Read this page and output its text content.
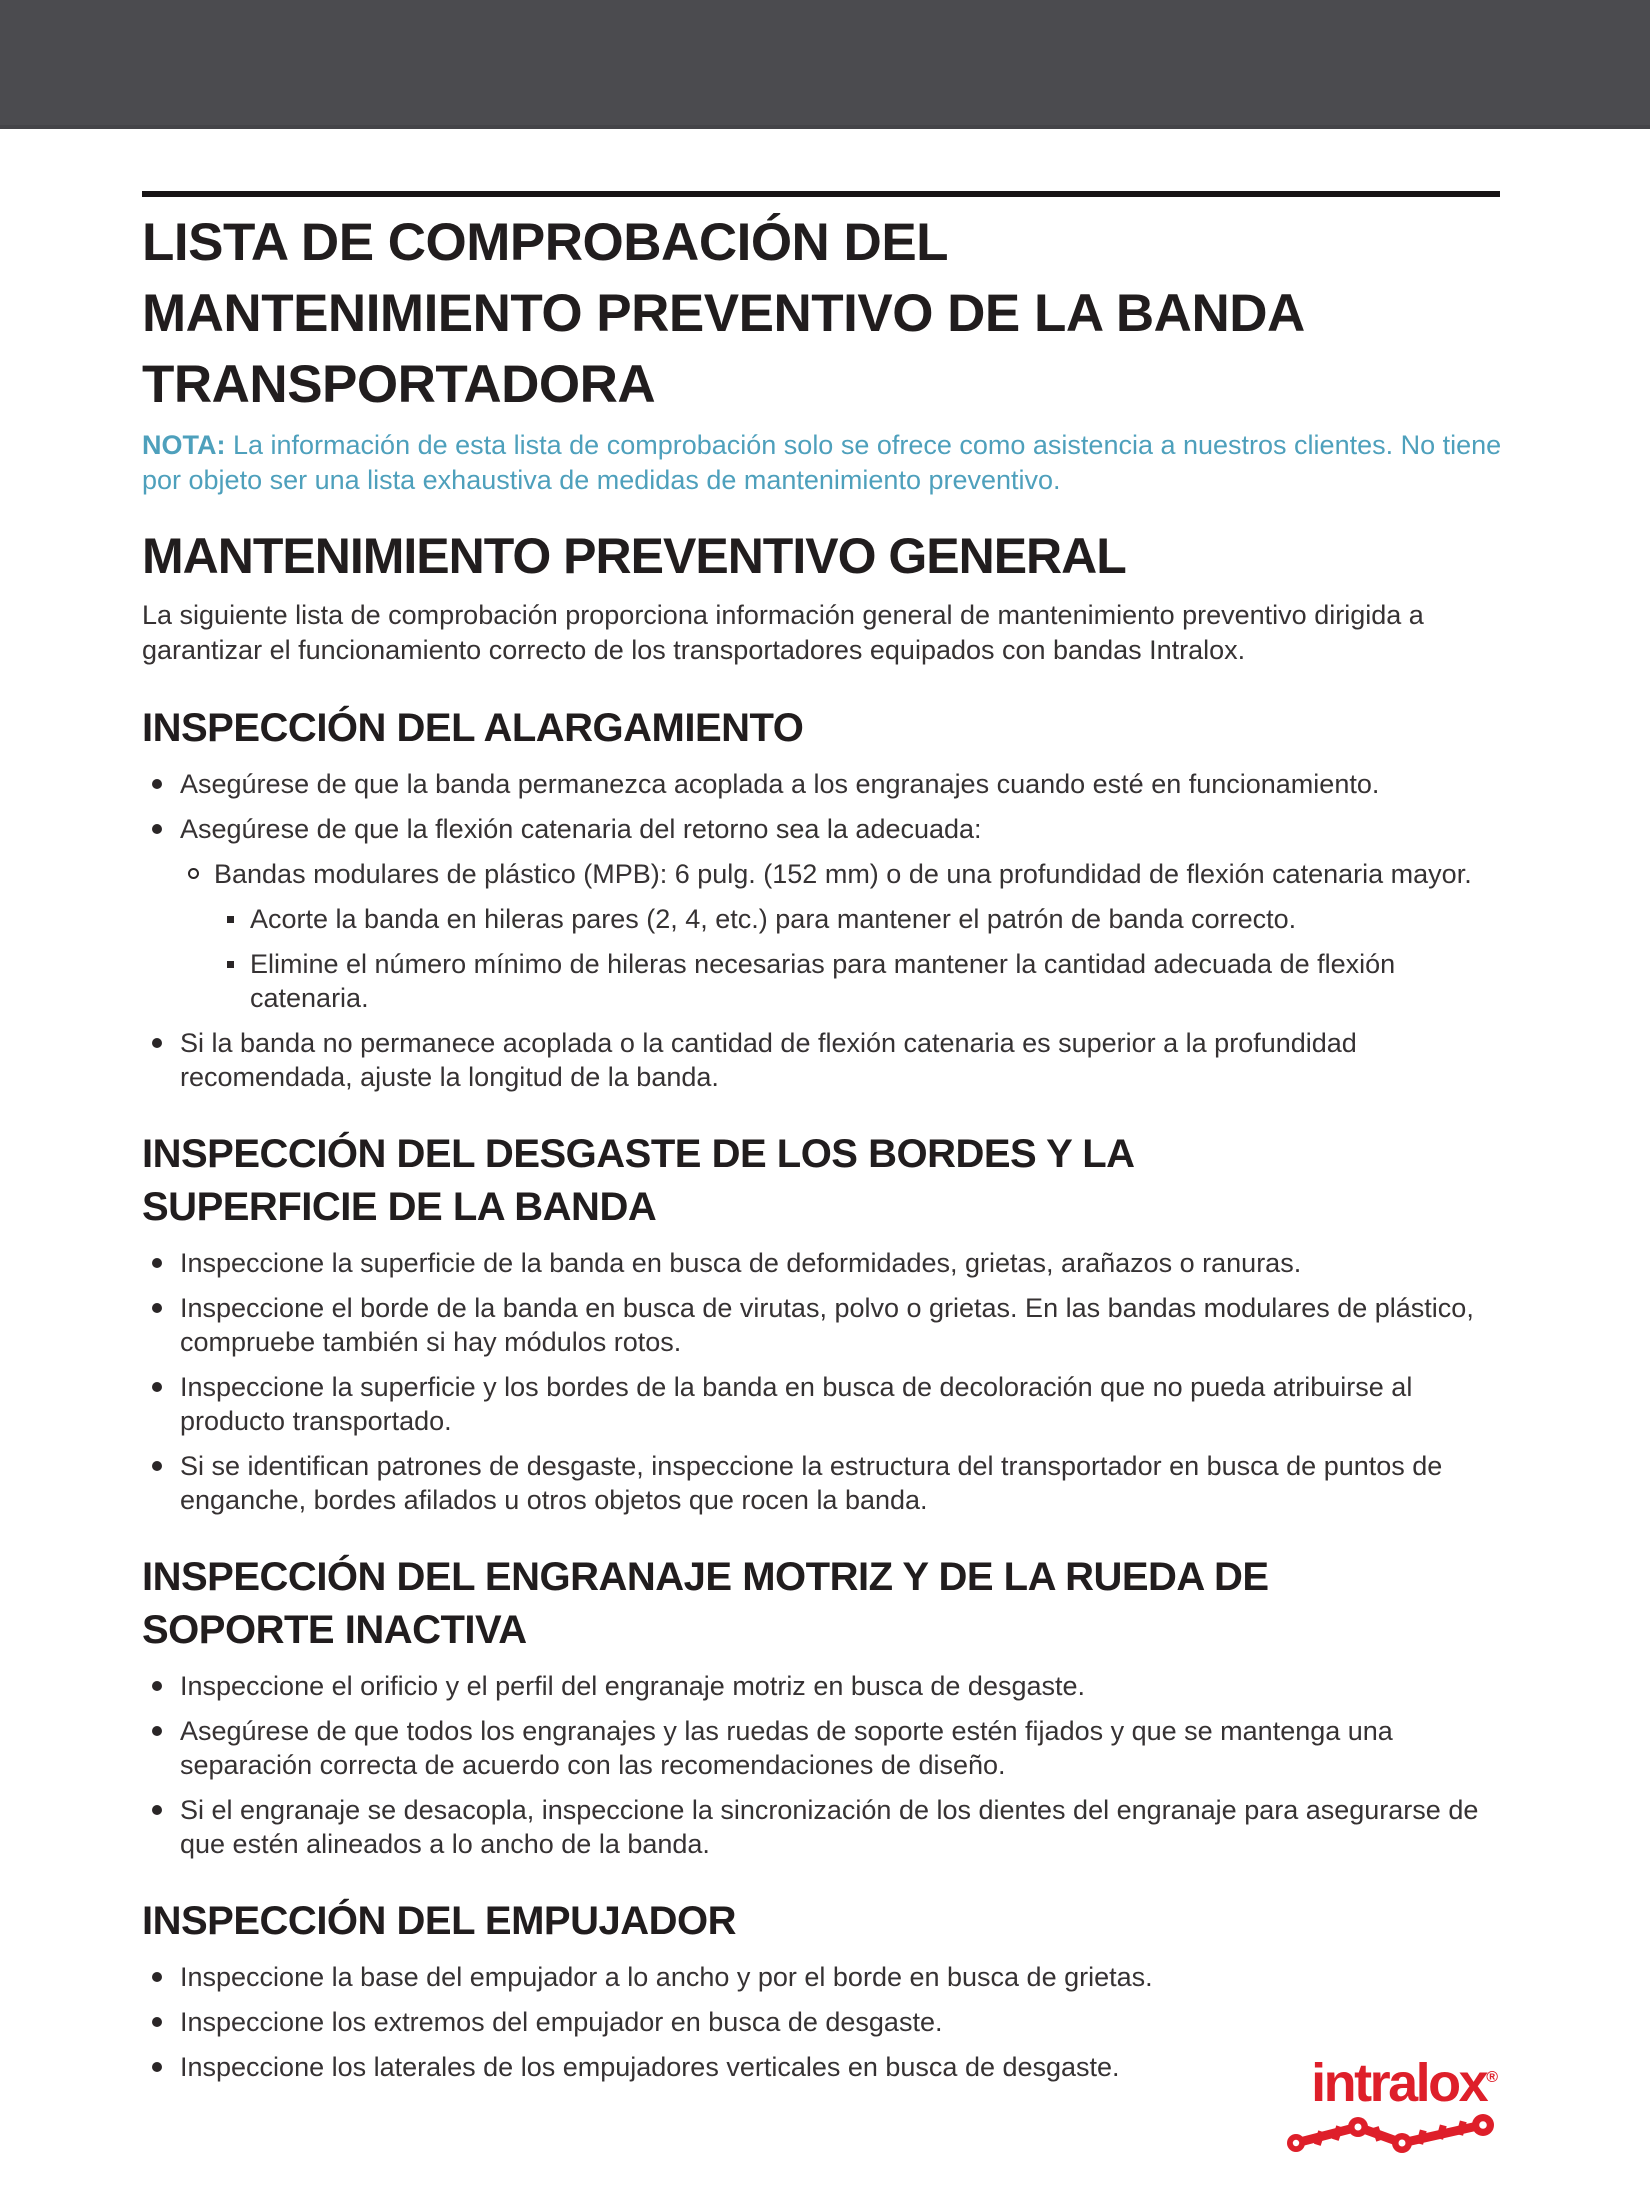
LISTA DE COMPROBACIÓN DEL
MANTENIMIENTO PREVENTIVO DE LA BANDA
TRANSPORTADORA

NOTA: La información de esta lista de comprobación solo se ofrece como asistencia a nuestros clientes. No tiene por objeto ser una lista exhaustiva de medidas de mantenimiento preventivo.

MANTENIMIENTO PREVENTIVO GENERAL

La siguiente lista de comprobación proporciona información general de mantenimiento preventivo dirigida a garantizar el funcionamiento correcto de los transportadores equipados con bandas Intralox.

INSPECCIÓN DEL ALARGAMIENTO
Asegúrese de que la banda permanezca acoplada a los engranajes cuando esté en funcionamiento.
Asegúrese de que la flexión catenaria del retorno sea la adecuada:
Bandas modulares de plástico (MPB): 6 pulg. (152 mm) o de una profundidad de flexión catenaria mayor.
Acorte la banda en hileras pares (2, 4, etc.) para mantener el patrón de banda correcto.
Elimine el número mínimo de hileras necesarias para mantener la cantidad adecuada de flexión catenaria.
Si la banda no permanece acoplada o la cantidad de flexión catenaria es superior a la profundidad recomendada, ajuste la longitud de la banda.
INSPECCIÓN DEL DESGASTE DE LOS BORDES Y LA
SUPERFICIE DE LA BANDA
Inspeccione la superficie de la banda en busca de deformidades, grietas, arañazos o ranuras.
Inspeccione el borde de la banda en busca de virutas, polvo o grietas. En las bandas modulares de plástico, compruebe también si hay módulos rotos.
Inspeccione la superficie y los bordes de la banda en busca de decoloración que no pueda atribuirse al producto transportado.
Si se identifican patrones de desgaste, inspeccione la estructura del transportador en busca de puntos de enganche, bordes afilados u otros objetos que rocen la banda.
INSPECCIÓN DEL ENGRANAJE MOTRIZ Y DE LA RUEDA DE
SOPORTE INACTIVA
Inspeccione el orificio y el perfil del engranaje motriz en busca de desgaste.
Asegúrese de que todos los engranajes y las ruedas de soporte estén fijados y que se mantenga una separación correcta de acuerdo con las recomendaciones de diseño.
Si el engranaje se desacopla, inspeccione la sincronización de los dientes del engranaje para asegurarse de que estén alineados a lo ancho de la banda.
INSPECCIÓN DEL EMPUJADOR
Inspeccione la base del empujador a lo ancho y por el borde en busca de grietas.
Inspeccione los extremos del empujador en busca de desgaste.
Inspeccione los laterales de los empujadores verticales en busca de desgaste.	intralox®
